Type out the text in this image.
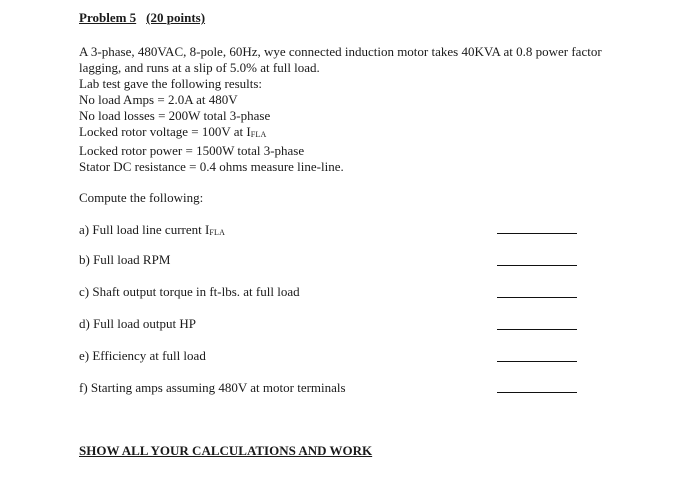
Problem 5 (20 points)
A 3-phase, 480VAC, 8-pole, 60Hz, wye connected induction motor takes 40KVA at 0.8 power factor lagging, and runs at a slip of 5.0% at full load.
Lab test gave the following results:
No load Amps = 2.0A at 480V
No load losses = 200W total 3-phase
Locked rotor voltage = 100V at $I_{FLA}$
Locked rotor power = 1500W total 3-phase
Stator DC resistance = 0.4 ohms measure line-line.
Compute the following:
a) Full load line current $I_{FLA}$
b) Full load RPM
c) Shaft output torque in ft-lbs. at full load
d) Full load output HP
e) Efficiency at full load
f) Starting amps assuming 480V at motor terminals
SHOW ALL YOUR CALCULATIONS AND WORK
